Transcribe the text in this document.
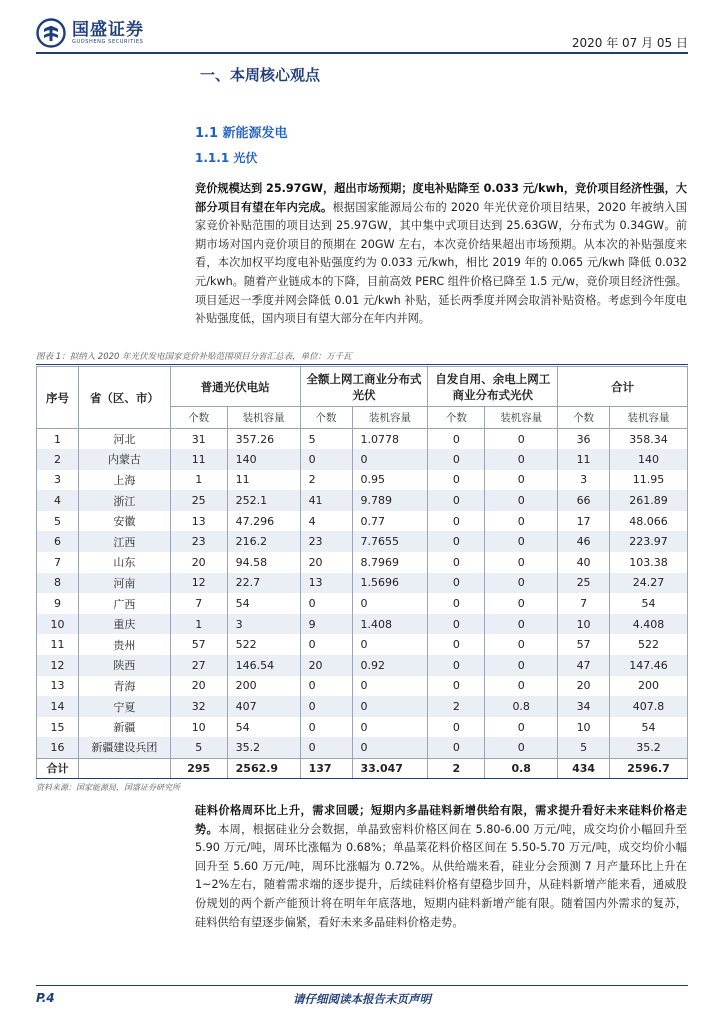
国盛证券
GUOSHENG SECURITIES	2020 年 07 月 05 日
一、本周核心观点
1.1 新能源发电
1.1.1 光伏
竞价规模达到 25.97GW，超出市场预期；度电补贴降至 0.033 元/kwh，竞价项目经济性强，大部分项目有望在年内完成。根据国家能源局公布的 2020 年光伏竞价项目结果，2020 年被纳入国家竞价补贴范围的项目达到 25.97GW，其中集中式项目达到 25.63GW，分布式为 0.34GW。前期市场对国内竞价项目的预期在 20GW 左右，本次竞价结果超出市场预期。从本次的补贴强度来看，本次加权平均度电补贴强度约为 0.033 元/kwh，相比 2019 年的 0.065 元/kwh 降低 0.032 元/kwh。随着产业链成本的下降，目前高效 PERC 组件价格已降至 1.5 元/w，竞价项目经济性强。项目延迟一季度并网会降低 0.01 元/kwh 补贴，延长两季度并网会取消补贴资格。考虑到今年度电补贴强度低，国内项目有望大部分在年内并网。
图表 1：拟纳入 2020 年光伏发电国家竞价补贴范围项目分省汇总表，单位：万千瓦
序号	省（区、市）	普通光伏电站		全额上网工商业分布式光伏		自发自用、余电上网工商业分布式光伏		合计	
		个数	装机容量	个数	装机容量	个数	装机容量	个数	装机容量
1	河北	31	357.26	5	1.0778	0	0	36	358.34
2	内蒙古	11	140	0	0	0	0	11	140
3	上海	1	11	2	0.95	0	0	3	11.95
4	浙江	25	252.1	41	9.789	0	0	66	261.89
5	安徽	13	47.296	4	0.77	0	0	17	48.066
6	江西	23	216.2	23	7.7655	0	0	46	223.97
7	山东	20	94.58	20	8.7969	0	0	40	103.38
8	河南	12	22.7	13	1.5696	0	0	25	24.27
9	广西	7	54	0	0	0	0	7	54
10	重庆	1	3	9	1.408	0	0	10	4.408
11	贵州	57	522	0	0	0	0	57	522
12	陕西	27	146.54	20	0.92	0	0	47	147.46
13	青海	20	200	0	0	0	0	20	200
14	宁夏	32	407	0	0	2	0.8	34	407.8
15	新疆	10	54	0	0	0	0	10	54
16	新疆建设兵团	5	35.2	0	0	0	0	5	35.2
合计		295	2562.9	137	33.047	2	0.8	434	2596.7
资料来源：国家能源局，国盛证券研究所
硅料价格周环比上升，需求回暖；短期内多晶硅料新增供给有限，需求提升看好未来硅料价格走势。本周，根据硅业分会数据，单晶致密料价格区间在 5.80-6.00 万元/吨，成交均价小幅回升至 5.90 万元/吨，周环比涨幅为 0.68%；单晶菜花料价格区间在 5.50-5.70 万元/吨，成交均价小幅回升至 5.60 万元/吨，周环比涨幅为 0.72%。从供给端来看，硅业分会预测 7 月产量环比上升在 1~2%左右，随着需求端的逐步提升，后续硅料价格有望稳步回升，从硅料新增产能来看，通威股份规划的两个新产能预计将在明年年底落地，短期内硅料新增产能有限。随着国内外需求的复苏，硅料供给有望逐步偏紧，看好未来多晶硅料价格走势。
P.4	请仔细阅读本报告末页声明
